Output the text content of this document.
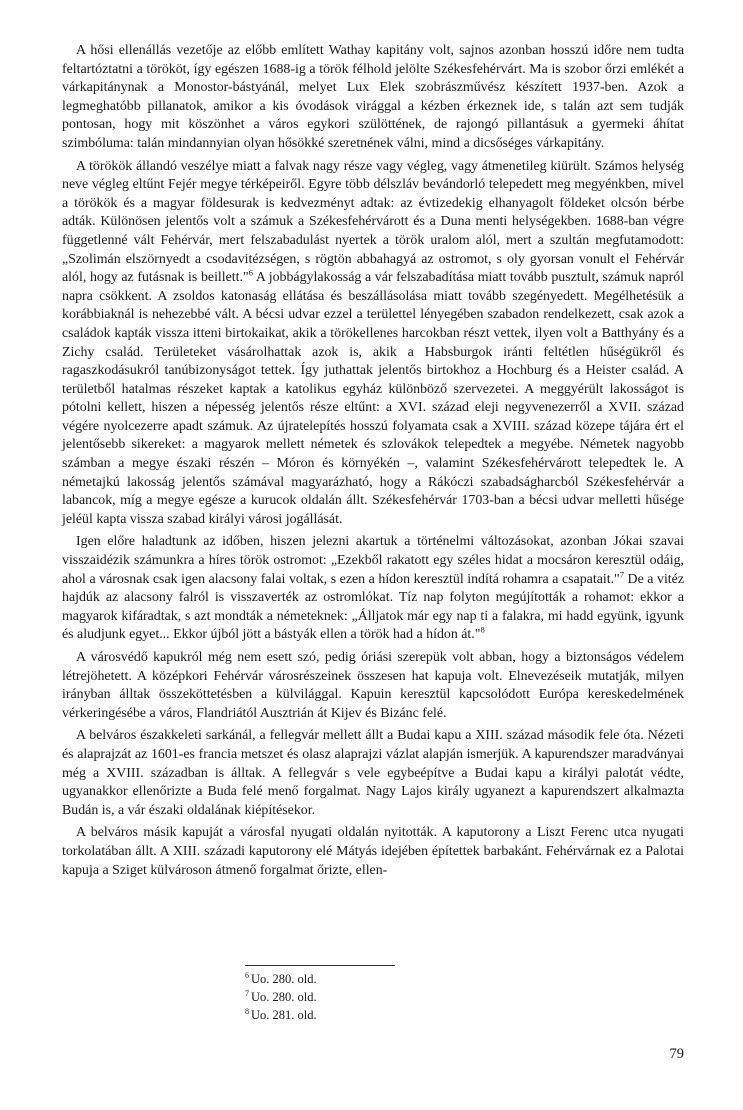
A hősi ellenállás vezetője az előbb említett Wathay kapitány volt, sajnos azonban hosszú időre nem tudta feltartóztatni a törököt, így egészen 1688-ig a török félhold jelölte Székesfehérvárt. Ma is szobor őrzi emlékét a várkapitánynak a Monostor-bástyánál, melyet Lux Elek szobrászművész készített 1937-ben. Azok a legmeghatóbb pillanatok, amikor a kis óvodások virággal a kézben érkeznek ide, s talán azt sem tudják pontosan, hogy mit köszönhet a város egykori szülöttének, de rajongó pillantásuk a gyermeki áhítat szimbóluma: talán mindannyian olyan hősökké szeretnének válni, mind a dicsőséges várkapitány.

A törökök állandó veszélye miatt a falvak nagy része vagy végleg, vagy átmenetileg kiürült. Számos helység neve végleg eltűnt Fejér megye térképeiről. Egyre több délszláv bevándorló telepedett meg megyénkben, mivel a törökök és a magyar földesurak is kedvezményt adtak: az évtizedekig elhanyagolt földeket olcsón bérbe adták. Különösen jelentős volt a számuk a Székesfehérvárott és a Duna menti helységekben. 1688-ban végre függetlenné vált Fehérvár, mert felszabadulást nyertek a török uralom alól, mert a szultán megfutamodott: „Szolimán elszörnyedt a csodavitézségen, s rögtön abbahagyá az ostromot, s oly gyorsan vonult el Fehérvár alól, hogy az futásnak is beillett."$^6$ A jobbágylakosság a vár felszabadítása miatt tovább pusztult, számuk napról napra csökkent. A zsoldos katonaság ellátása és beszállásolása miatt tovább szegényedett. Megélhetésük a korábbiaknál is nehezebbé vált. A bécsi udvar ezzel a területtel lényegében szabadon rendelkezett, csak azok a családok kapták vissza itteni birtokaikat, akik a törökellenes harcokban részt vettek, ilyen volt a Batthyány és a Zichy család. Területeket vásárolhattak azok is, akik a Habsburgok iránti feltétlen hűségükről és ragaszkodásukról tanúbizonyságot tettek. Így juthattak jelentős birtokhoz a Hochburg és a Heister család. A területből hatalmas részeket kaptak a katolikus egyház különböző szervezetei. A meggyérült lakosságot is pótolni kellett, hiszen a népesség jelentős része eltűnt: a XVI. század eleji negyvenezerről a XVII. század végére nyolcezerre apadt számuk. Az újratelepítés hosszú folyamata csak a XVIII. század közepe tájára ért el jelentősebb sikereket: a magyarok mellett németek és szlovákok telepedtek a megyébe. Németek nagyobb számban a megye északi részén – Móron és környékén –, valamint Székesfehérvárott telepedtek le. A németajkú lakosság jelentős számával magyarázható, hogy a Rákóczi szabadságharcból Székesfehérvár a labancok, míg a megye egésze a kurucok oldalán állt. Székesfehérvár 1703-ban a bécsi udvar melletti hűsége jeléül kapta vissza szabad királyi városi jogállását.

Igen előre haladtunk az időben, hiszen jelezni akartuk a történelmi változásokat, azonban Jókai szavai visszaidézik számunkra a híres török ostromot: „Ezekből rakatott egy széles hidat a mocsáron keresztül odáig, ahol a városnak csak igen alacsony falai voltak, s ezen a hídon keresztül indítá rohamra a csapatait."$^7$ De a vitéz hajdúk az alacsony falról is visszaverték az ostromlókat. Tíz nap folyton megújították a rohamot: ekkor a magyarok kifáradtak, s azt mondták a németeknek: „Álljatok már egy nap ti a falakra, mi hadd együnk, igyunk és aludjunk egyet... Ekkor újból jött a bástyák ellen a török had a hídon át."$^8$

A városvédő kapukról még nem esett szó, pedig óriási szerepük volt abban, hogy a biztonságos védelem létrejöhetett. A középkori Fehérvár városrészeinek összesen hat kapuja volt. Elnevezéseik mutatják, milyen irányban álltak összeköttetésben a külvilággal. Kapuin keresztül kapcsolódott Európa kereskedelmének vérkeringésébe a város, Flandriától Ausztrián át Kijev és Bizánc felé.

A belváros északkeleti sarkánál, a fellegvár mellett állt a Budai kapu a XIII. század második fele óta. Nézeti és alaprajzát az 1601-es francia metszet és olasz alaprajzi vázlat alapján ismerjük. A kapurendszer maradványai még a XVIII. században is álltak. A fellegvár s vele egybeépítve a Budai kapu a királyi palotát védte, ugyanakkor ellenőrizte a Buda felé menő forgalmat. Nagy Lajos király ugyanezt a kapurendszert alkalmazta Budán is, a vár északi oldalának kiépítésekor.

A belváros másik kapuját a városfal nyugati oldalán nyitották. A kaputorony a Liszt Ferenc utca nyugati torkolatában állt. A XIII. századi kaputorony elé Mátyás idejében építettek barbakánt. Fehérvárnak ez a Palotai kapuja a Sziget külvároson átmenő forgalmat őrizte, ellen-

$^6$ Uo. 280. old.
$^7$ Uo. 280. old.
$^8$ Uo. 281. old.
79
